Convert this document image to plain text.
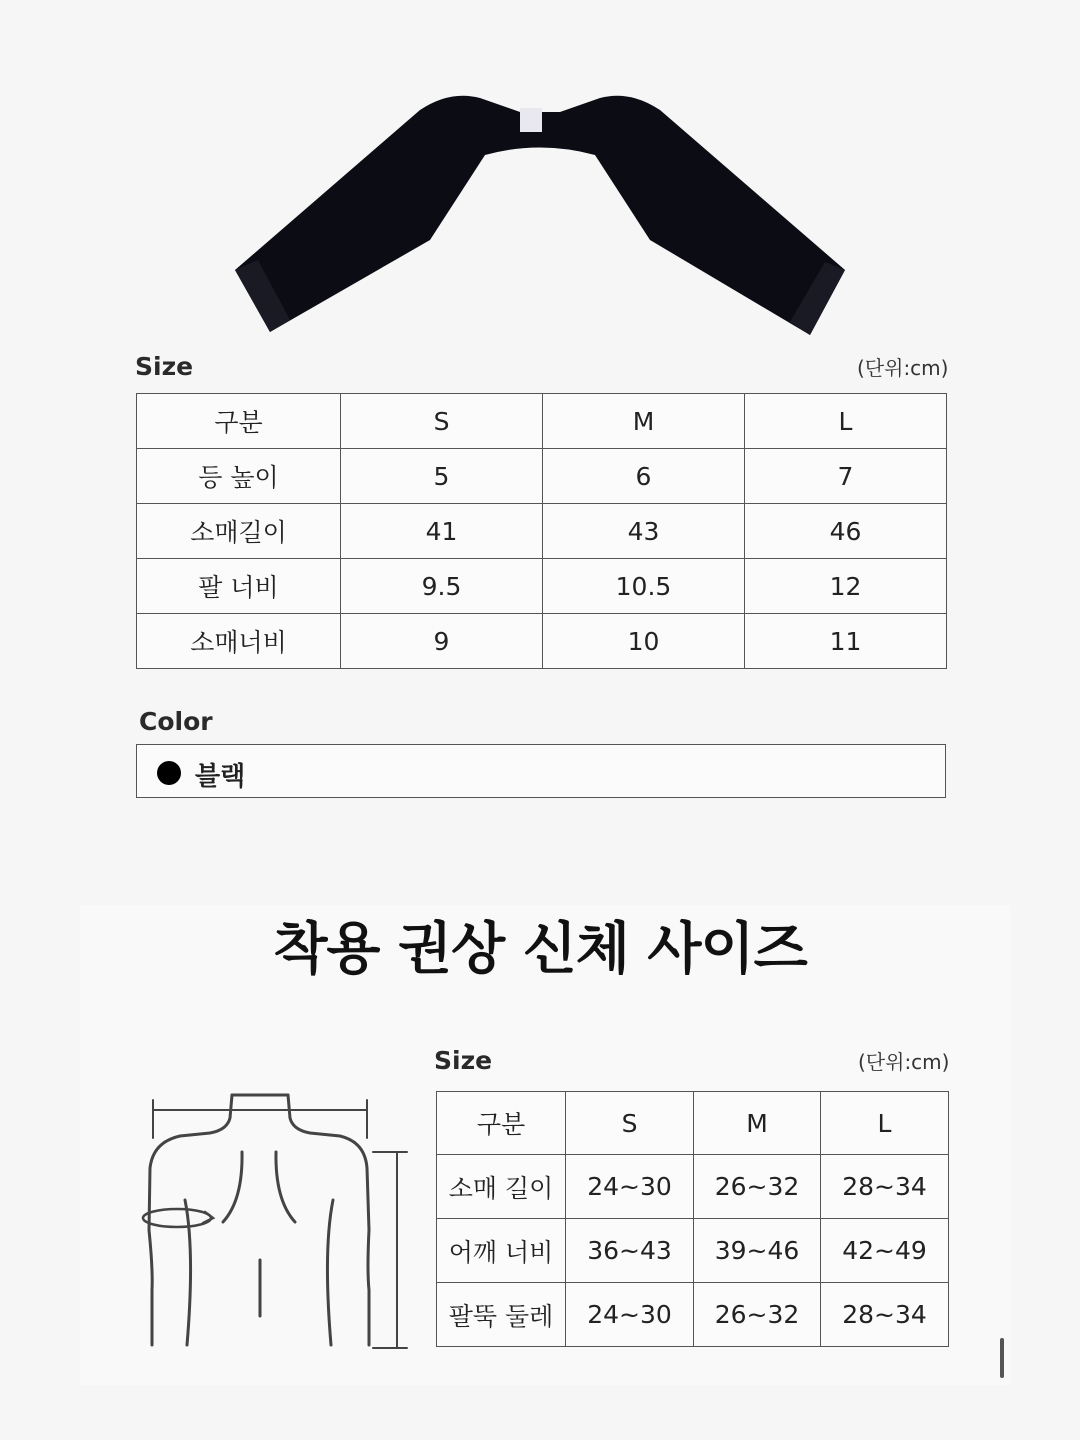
Size	(단위:cm)
구분	S	M	L
등 높이	5	6	7
소매길이	41	43	46
팔 너비	9.5	10.5	12
소매너비	9	10	11
Color
블랙
착용 권상 신체 사이즈
Size	(단위:cm)
구분	S	M	L
소매 길이	24~30	26~32	28~34
어깨 너비	36~43	39~46	42~49
팔뚝 둘레	24~30	26~32	28~34
